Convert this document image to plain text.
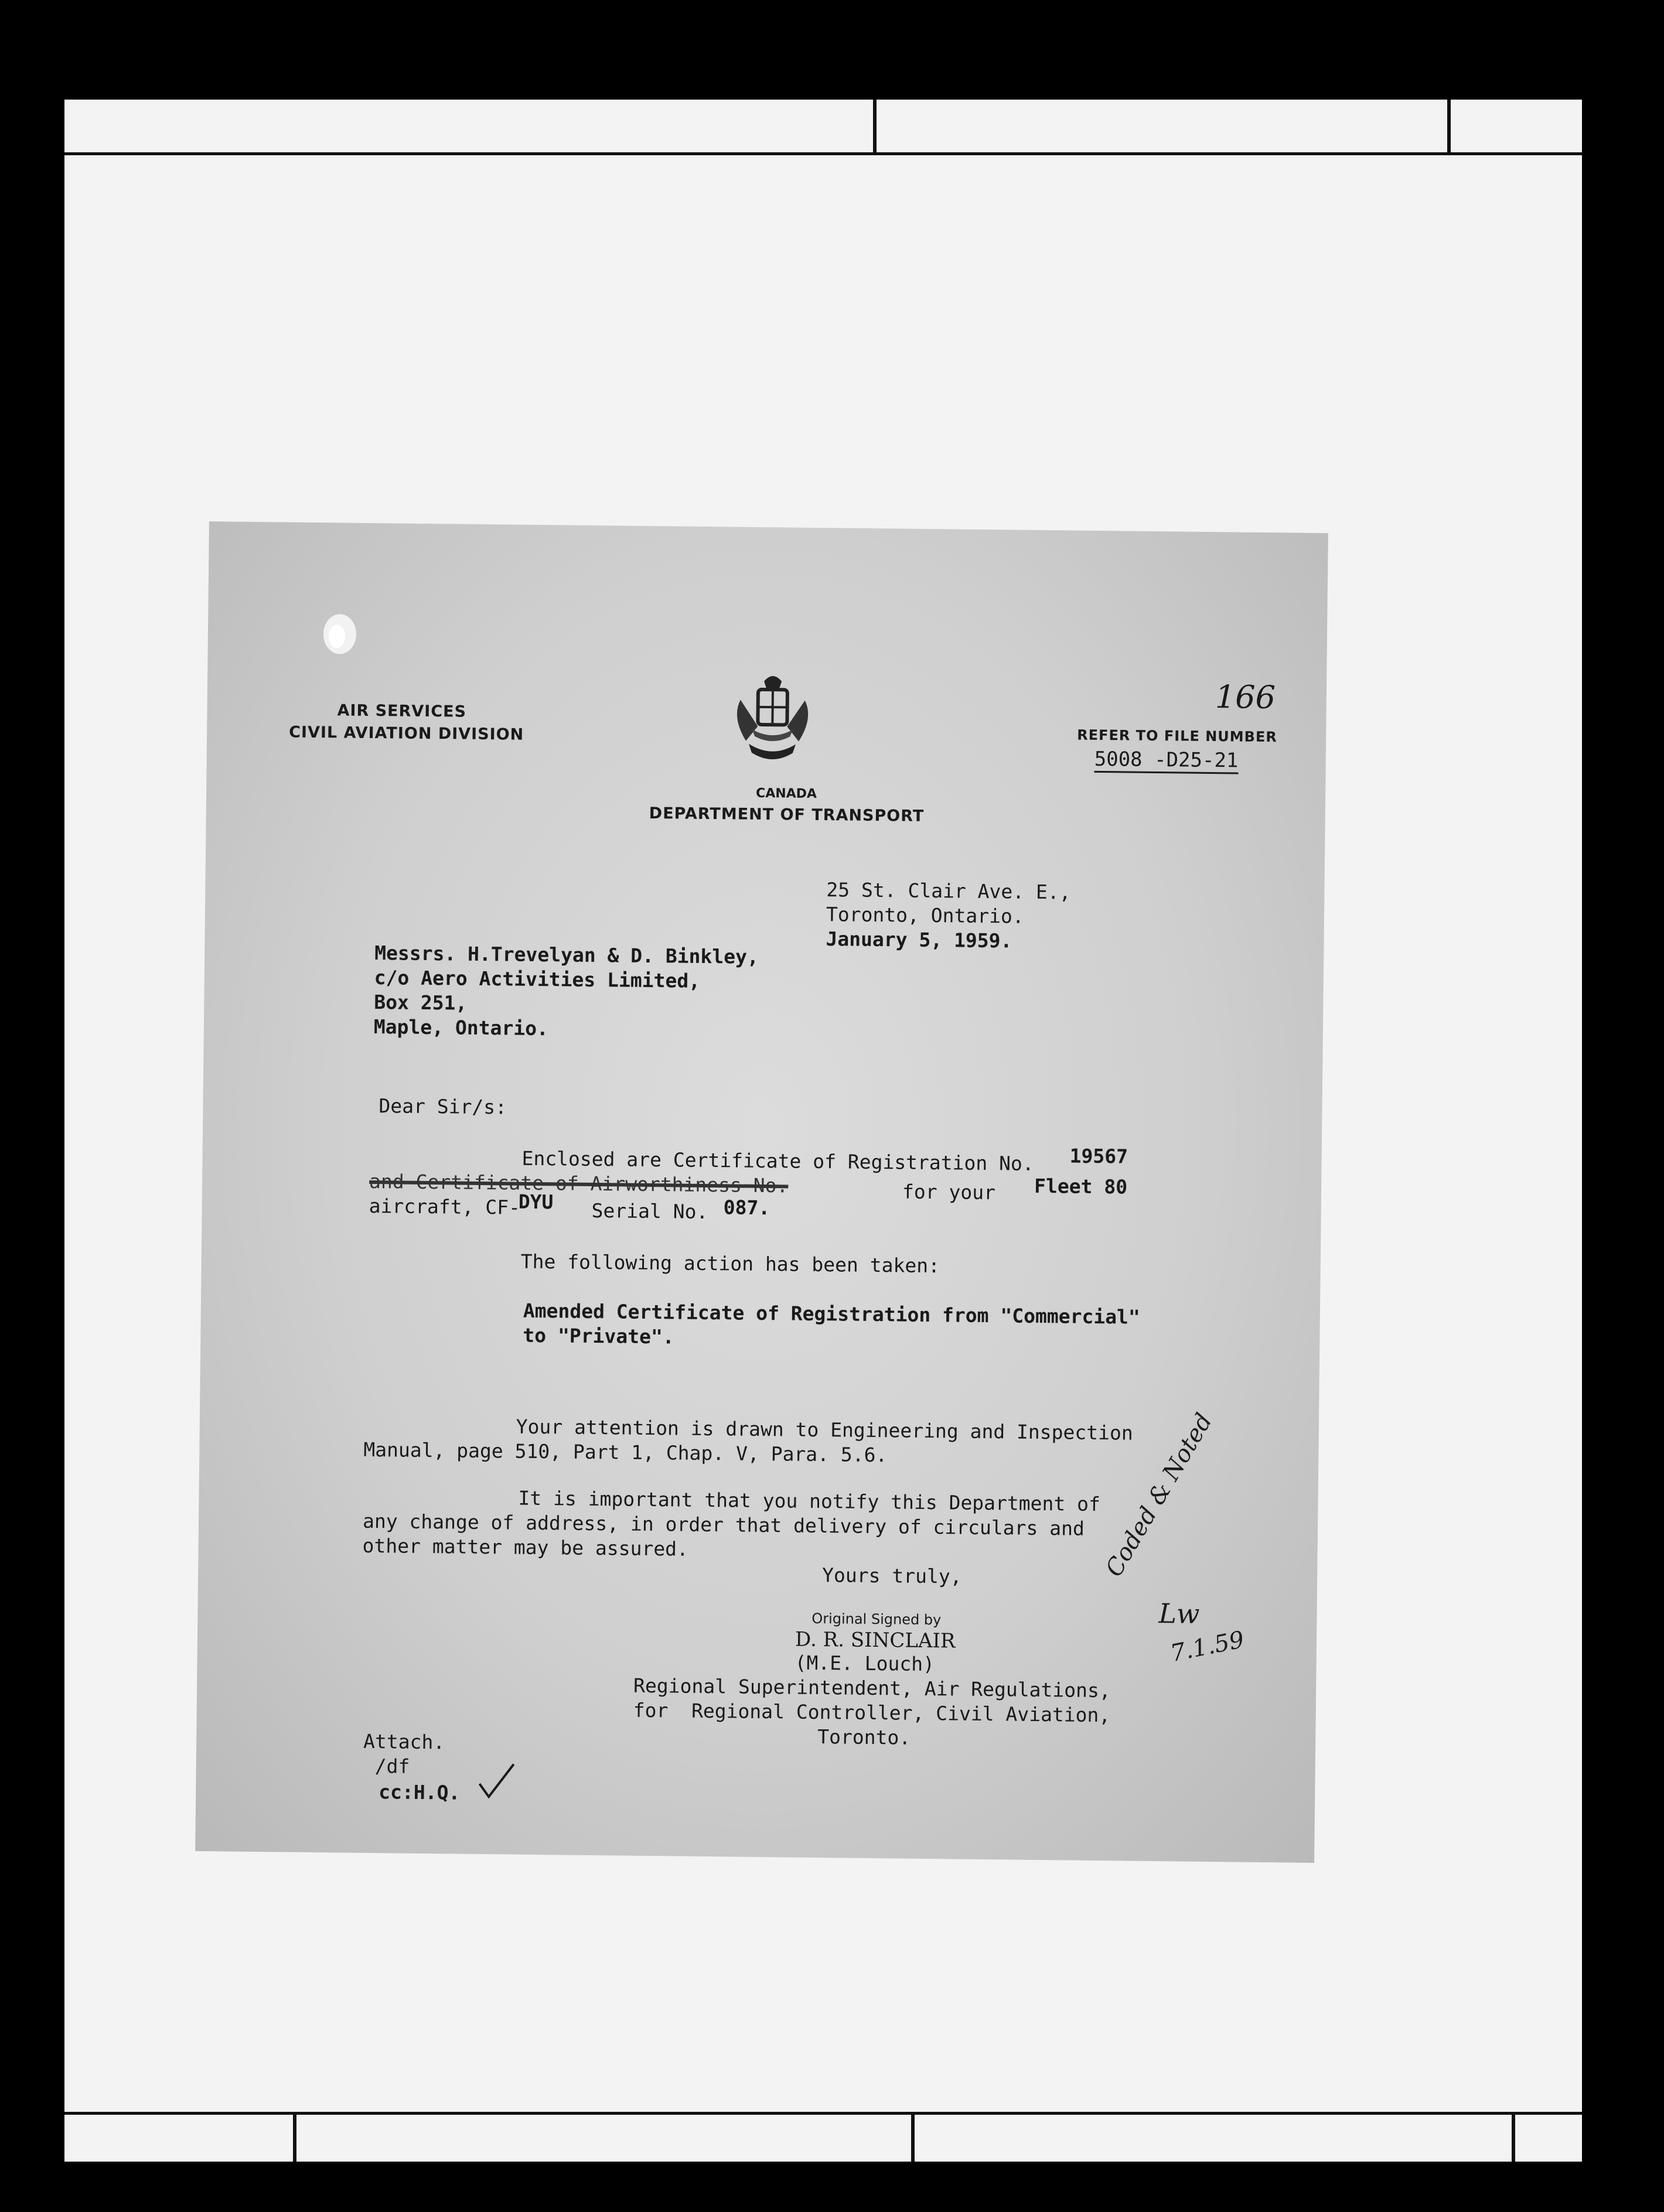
AIR SERVICES
CIVIL AVIATION DIVISION
CANADA
DEPARTMENT OF TRANSPORT
166
REFER TO FILE NUMBER
5008 -D25-21
25 St. Clair Ave. E.,
Toronto, Ontario.
January 5, 1959.
Messrs. H.Trevelyan & D. Binkley,
c/o Aero Activities Limited,
Box 251,
Maple, Ontario.
Dear Sir/s:
Enclosed are Certificate of Registration No. 19567
and Certificate of Airworthiness No.	for your Fleet 80
aircraft, CF-
DYU Serial No. 087.
The following action has been taken:
Amended Certificate of Registration from "Commercial"
to "Private".
Your attention is drawn to Engineering and Inspection
Manual, page 510, Part 1, Chap. V, Para. 5.6.
It is important that you notify this Department of
any change of address, in order that delivery of circulars and
other matter may be assured.
Yours truly,
Original Signed by
D. R. SINCLAIR
(M.E. Louch)
Regional Superintendent, Air Regulations,
for  Regional Controller, Civil Aviation,
Toronto.
Coded & Noted
Lw
7.1.59
Attach.
/df
cc:H.Q.
